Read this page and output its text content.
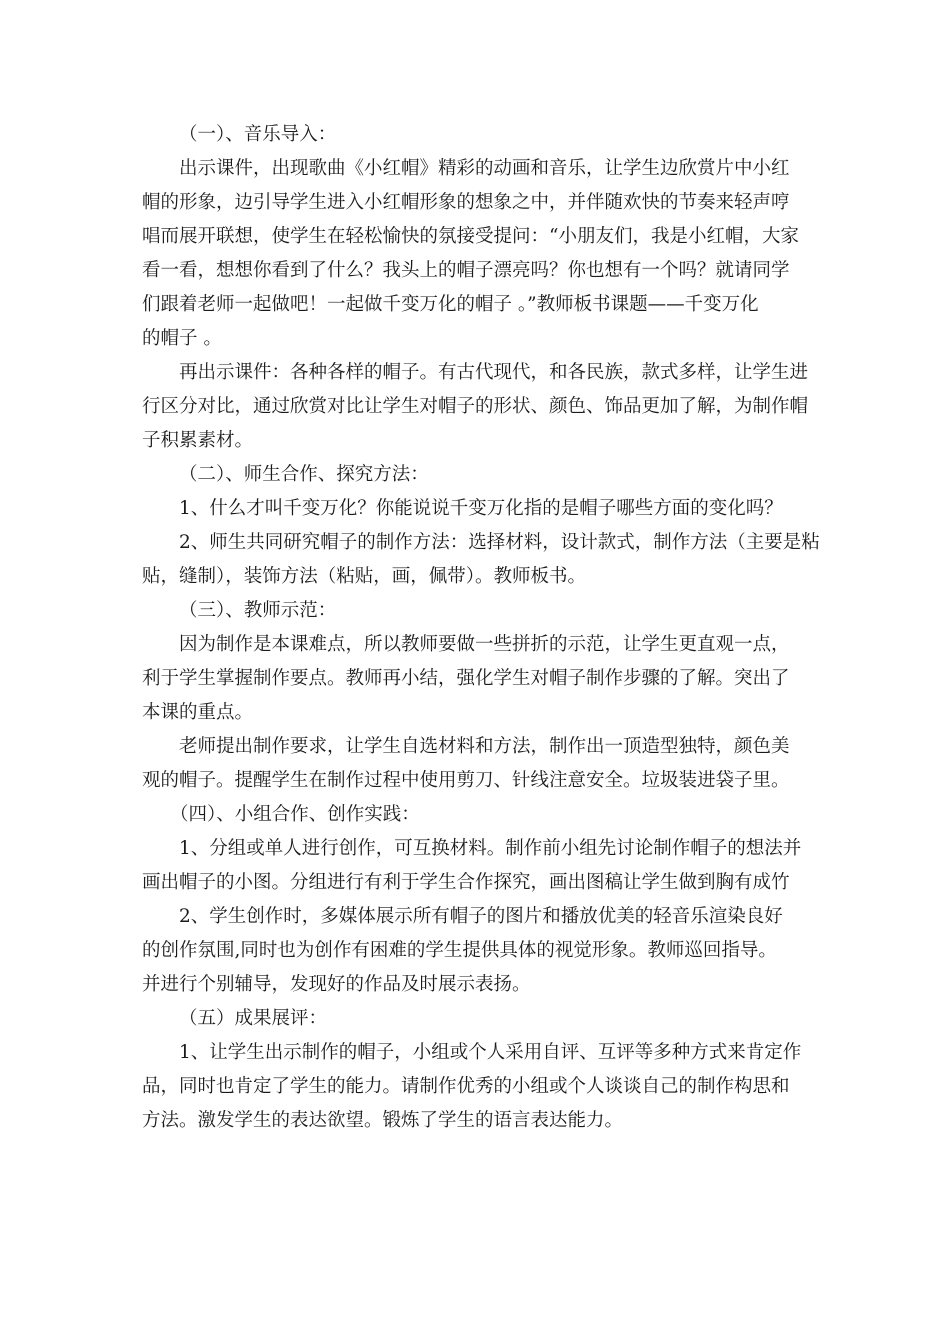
（一）、音乐导入：

出示课件，出现歌曲《小红帽》精彩的动画和音乐，让学生边欣赏片中小红

帽的形象，边引导学生进入小红帽形象的想象之中，并伴随欢快的节奏来轻声哼

唱而展开联想，使学生在轻松愉快的氛接受提问：“小朋友们，我是小红帽，大家

看一看，想想你看到了什么？我头上的帽子漂亮吗？你也想有一个吗？就请同学

们跟着老师一起做吧！一起做千变万化的帽子 。”教师板书课题——千变万化

的帽子 。

再出示课件：各种各样的帽子。有古代现代，和各民族，款式多样，让学生进

行区分对比，通过欣赏对比让学生对帽子的形状、颜色、饰品更加了解，为制作帽

子积累素材。

（二）、师生合作、探究方法：

1、什么才叫千变万化？你能说说千变万化指的是帽子哪些方面的变化吗？

2、师生共同研究帽子的制作方法：选择材料，设计款式，制作方法（主要是粘

贴，缝制），装饰方法（粘贴，画，佩带）。教师板书。

（三）、教师示范：

因为制作是本课难点，所以教师要做一些拼折的示范，让学生更直观一点，

利于学生掌握制作要点。教师再小结，强化学生对帽子制作步骤的了解。突出了

本课的重点。

老师提出制作要求，让学生自选材料和方法，制作出一顶造型独特，颜色美

观的帽子。提醒学生在制作过程中使用剪刀、针线注意安全。垃圾装进袋子里。

（四）、小组合作、创作实践：

1、分组或单人进行创作，可互换材料。制作前小组先讨论制作帽子的想法并

画出帽子的小图。分组进行有利于学生合作探究，画出图稿让学生做到胸有成竹

2、学生创作时，多媒体展示所有帽子的图片和播放优美的轻音乐渲染良好

的创作氛围,同时也为创作有困难的学生提供具体的视觉形象。教师巡回指导。

并进行个别辅导，发现好的作品及时展示表扬。

（五）成果展评：

1、让学生出示制作的帽子，小组或个人采用自评、互评等多种方式来肯定作

品，同时也肯定了学生的能力。请制作优秀的小组或个人谈谈自己的制作构思和

方法。激发学生的表达欲望。锻炼了学生的语言表达能力。
